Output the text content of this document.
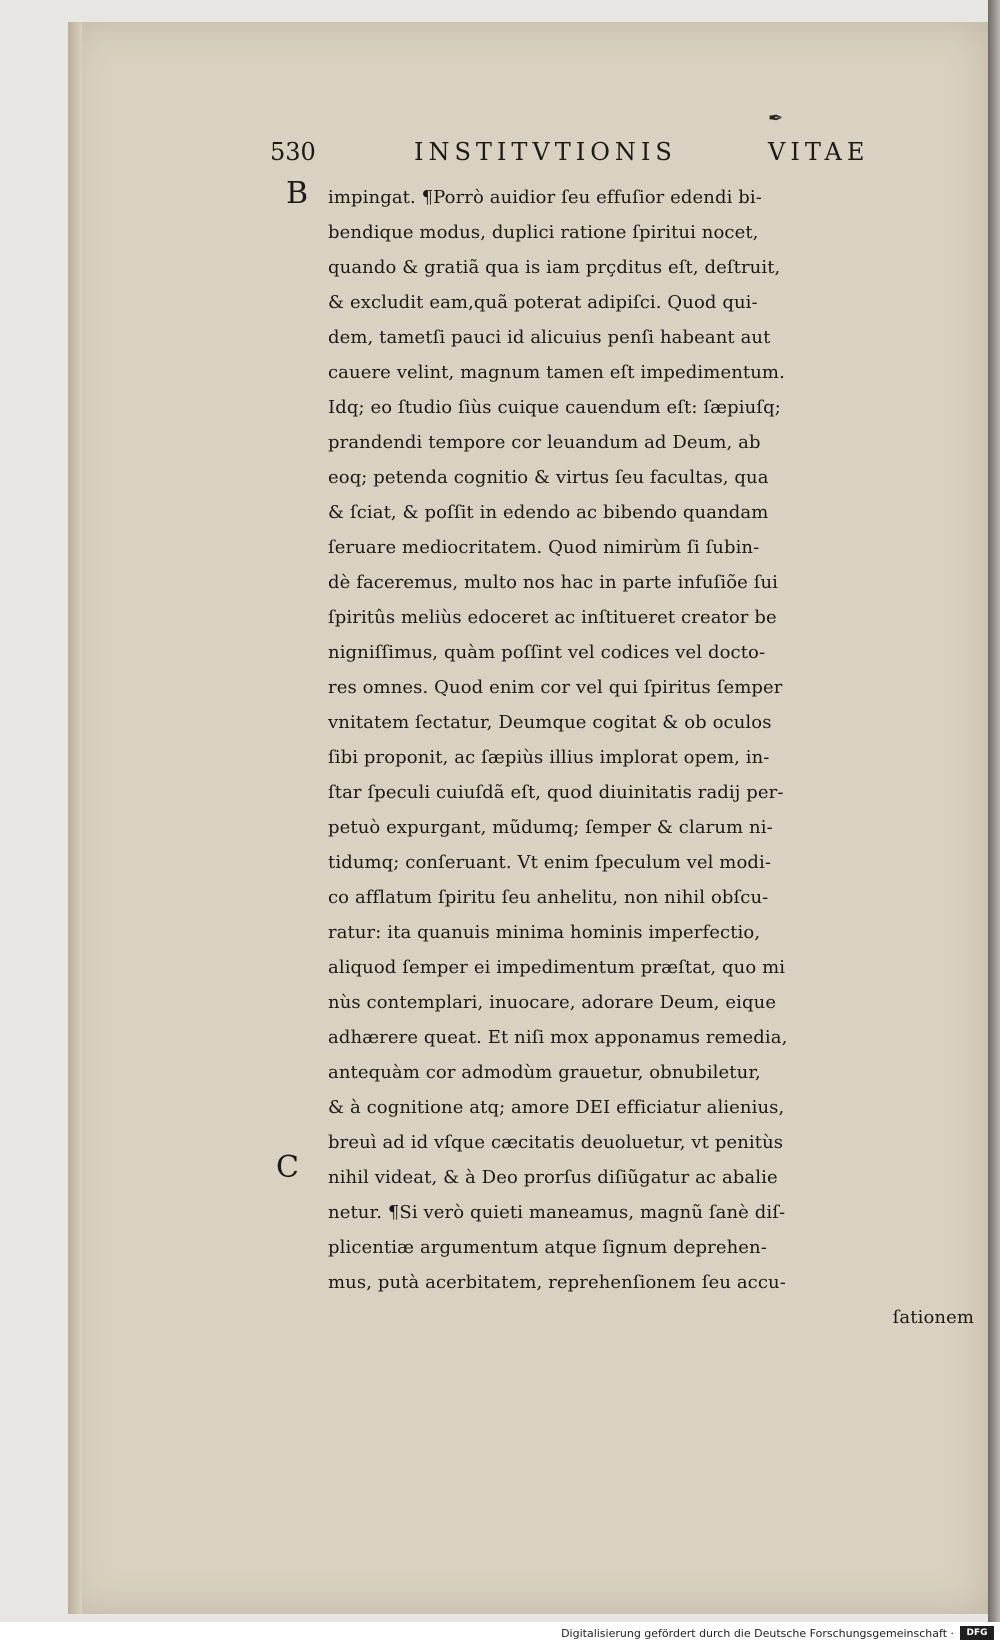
✒
530	INSTITVTIONIS	VITAE
B
C
impingat. ¶Porrò auidior ſeu effuſior edendi bi-
bendique modus, duplici ratione ſpiritui nocet,
quando & gratiã qua is iam prçditus eſt, deſtruit,
& excludit eam,quã poterat adipiſci. Quod qui-
dem, tametſi pauci id alicuius penſi habeant aut
cauere velint, magnum tamen eſt impedimentum.
Idq; eo ſtudio ſiùs cuique cauendum eſt: ſæpiuſq;
prandendi tempore cor leuandum ad Deum, ab
eoq; petenda cognitio & virtus ſeu facultas, qua
& ſciat, & poſſit in edendo ac bibendo quandam
ſeruare mediocritatem. Quod nimirùm ſi ſubin-
dè faceremus, multo nos hac in parte infuſiõe ſui
ſpiritûs meliùs edoceret ac inſtitueret creator be
nigniſſimus, quàm poſſint vel codices vel docto-
res omnes. Quod enim cor vel qui ſpiritus ſemper
vnitatem ſectatur, Deumque cogitat & ob oculos
ſibi proponit, ac ſæpiùs illius implorat opem, in-
ſtar ſpeculi cuiuſdã eſt, quod diuinitatis radij per-
petuò expurgant, mũdumq; ſemper & clarum ni-
tidumq; conſeruant. Vt enim ſpeculum vel modi-
co afflatum ſpiritu ſeu anhelitu, non nihil obſcu-
ratur: ita quanuis minima hominis imperfectio,
aliquod ſemper ei impedimentum præſtat, quo mi
nùs contemplari, inuocare, adorare Deum, eique
adhærere queat. Et niſi mox apponamus remedia,
antequàm cor admodùm grauetur, obnubiletur,
& à cognitione atq; amore DEI efficiatur alienius,
breuì ad id vſque cæcitatis deuoluetur, vt penitùs
nihil videat, & à Deo prorſus diſiũgatur ac abalie
netur. ¶Si verò quieti maneamus, magnũ ſanè diſ-
plicentiæ argumentum atque ſignum deprehen-
mus, putà acerbitatem, reprehenſionem ſeu accu-
ſationem
Digitalisierung gefördert durch die Deutsche Forschungsgemeinschaft ·	DFG
